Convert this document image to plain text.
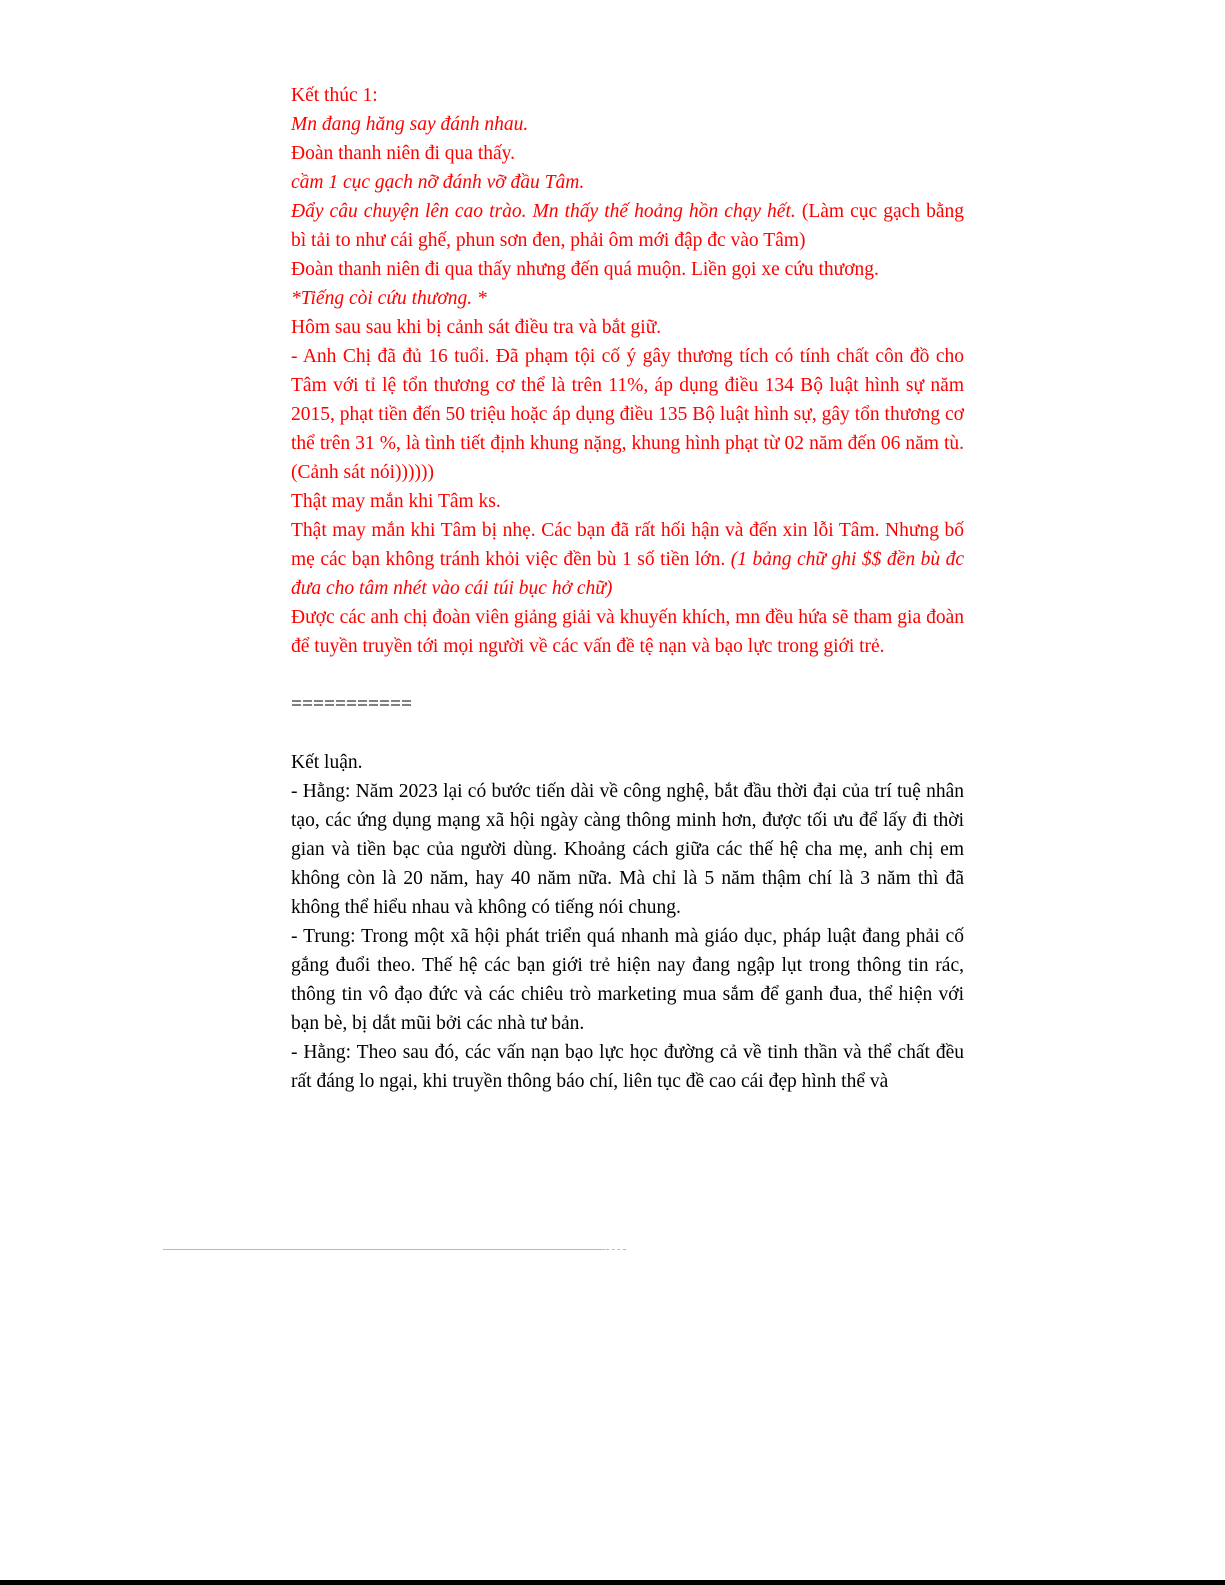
Kết thúc 1:

Mn đang hăng say đánh nhau.

Đoàn thanh niên đi qua thấy.

cầm 1 cục gạch nỡ đánh vỡ đầu Tâm.

Đẩy câu chuyện lên cao trào. Mn thấy thế hoảng hồn chạy hết. (Làm cục gạch bằng bì tải to như cái ghế, phun sơn đen, phải ôm mới đập đc vào Tâm)

Đoàn thanh niên đi qua thấy nhưng đến quá muộn. Liền gọi xe cứu thương.

*Tiếng còi cứu thương. *

Hôm sau sau khi bị cảnh sát điều tra và bắt giữ.

- Anh Chị đã đủ 16 tuổi. Đã phạm tội cố ý gây thương tích có tính chất côn đồ cho Tâm với tỉ lệ tổn thương cơ thể là trên 11%, áp dụng điều 134 Bộ luật hình sự năm 2015, phạt tiền đến 50 triệu hoặc áp dụng điều 135 Bộ luật hình sự, gây tổn thương cơ thể trên 31 %, là tình tiết định khung nặng, khung hình phạt từ 02 năm đến 06 năm tù. (Cảnh sát nói))))))

Thật may mắn khi Tâm ks.

Thật may mắn khi Tâm bị nhẹ. Các bạn đã rất hối hận và đến xin lỗi Tâm. Nhưng bố mẹ các bạn không tránh khỏi việc đền bù 1 số tiền lớn. (1 bảng chữ ghi $$ đền bù đc đưa cho tâm nhét vào cái túi bục hở chữ)

Được các anh chị đoàn viên giảng giải và khuyến khích, mn đều hứa sẽ tham gia đoàn để tuyền truyền tới mọi người về các vấn đề tệ nạn và bạo lực trong giới trẻ.

===========

Kết luận.

- Hằng: Năm 2023 lại có bước tiến dài về công nghệ, bắt đầu thời đại của trí tuệ nhân tạo, các ứng dụng mạng xã hội ngày càng thông minh hơn, được tối ưu để lấy đi thời gian và tiền bạc của người dùng. Khoảng cách giữa các thế hệ cha mẹ, anh chị em không còn là 20 năm, hay 40 năm nữa. Mà chỉ là 5 năm thậm chí là 3 năm thì đã không thể hiểu nhau và không có tiếng nói chung.

- Trung: Trong một xã hội phát triển quá nhanh mà giáo dục, pháp luật đang phải cố gắng đuổi theo. Thế hệ các bạn giới trẻ hiện nay đang ngập lụt trong thông tin rác, thông tin vô đạo đức và các chiêu trò marketing mua sắm để ganh đua, thể hiện với bạn bè, bị dắt mũi bởi các nhà tư bản.

- Hằng: Theo sau đó, các vấn nạn bạo lực học đường cả về tinh thần và thể chất đều rất đáng lo ngại, khi truyền thông báo chí, liên tục đề cao cái đẹp hình thể và
